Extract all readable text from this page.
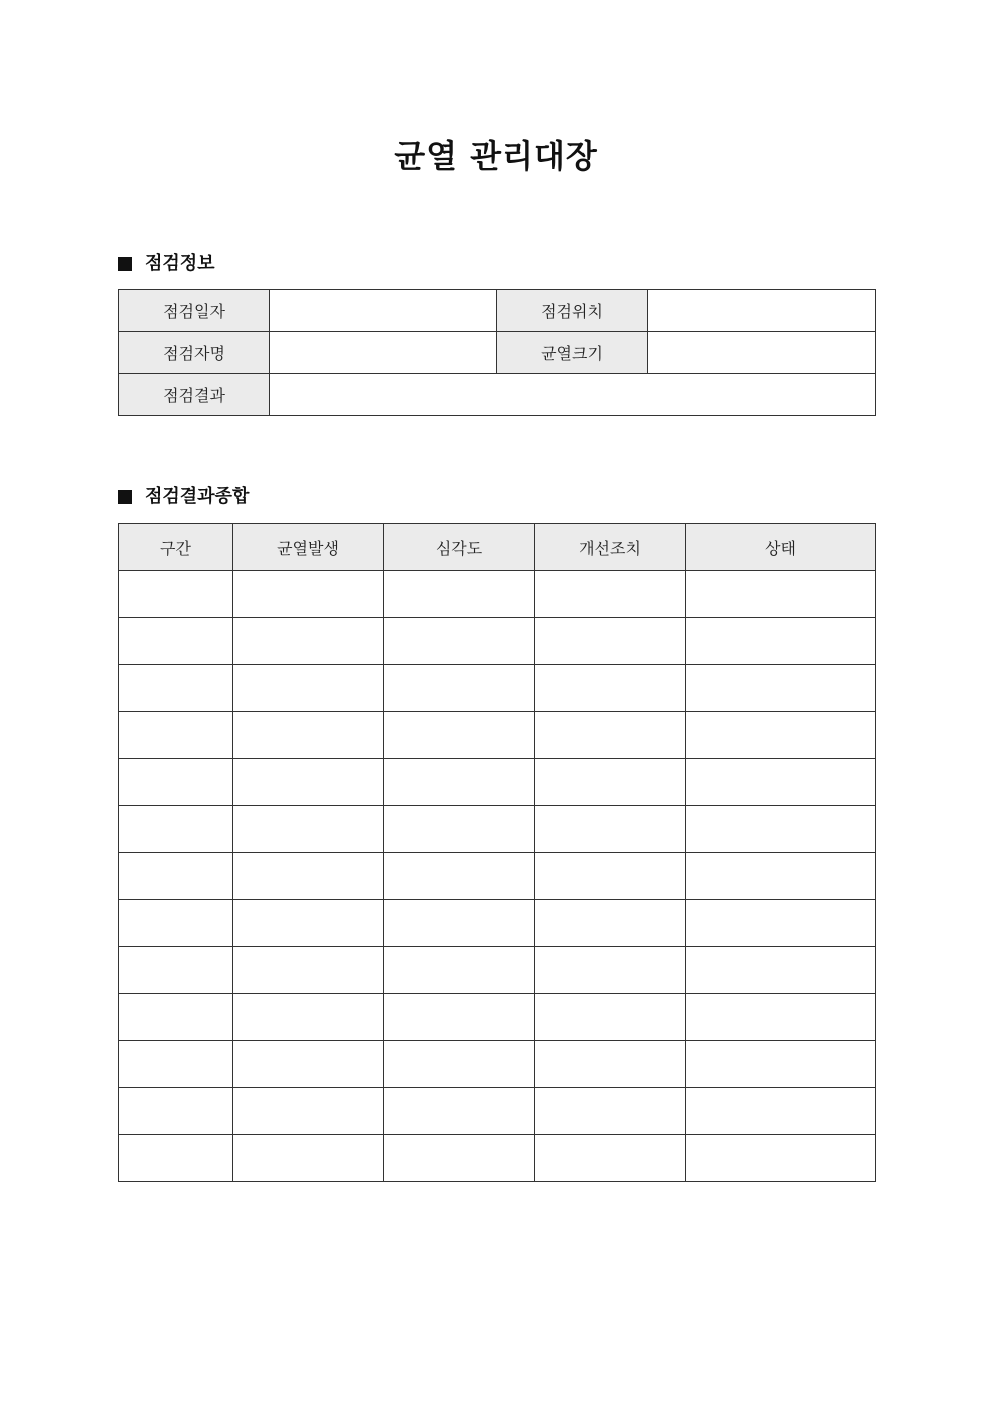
균열 관리대장
점검정보
점검일자		점검위치	
점검자명		균열크기	
점검결과			
점검결과종합
구간	균열발생	심각도	개선조치	상태
